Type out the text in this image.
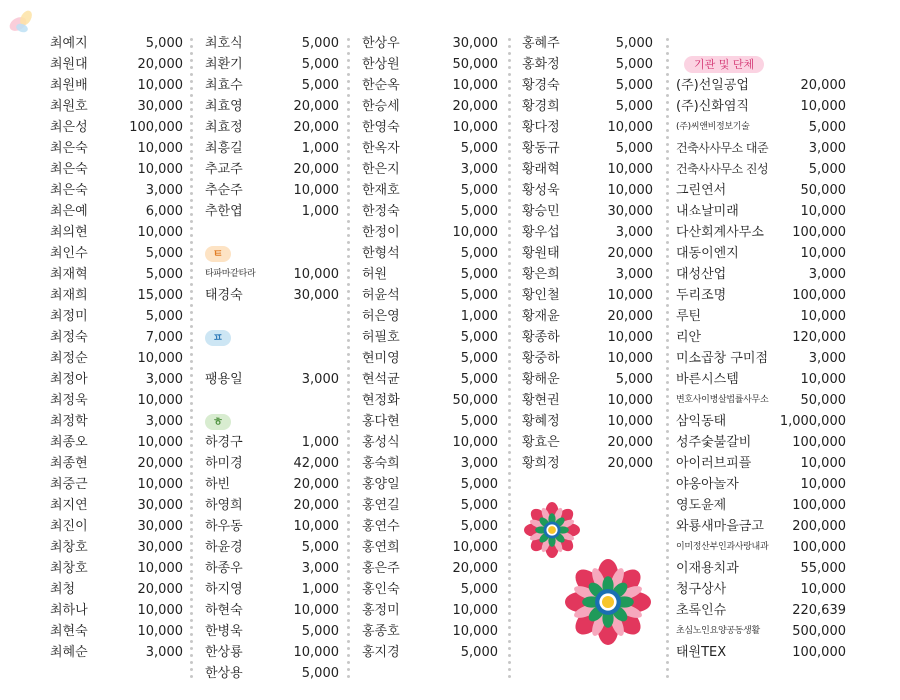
최예지	5,000
최원대	20,000
최원배	10,000
최원호	30,000
최은성	100,000
최은숙	10,000
최은숙	10,000
최은숙	3,000
최은예	6,000
최의현	10,000
최인수	5,000
최재혁	5,000
최재희	15,000
최정미	5,000
최정숙	7,000
최정순	10,000
최정아	3,000
최정욱	10,000
최정학	3,000
최종오	10,000
최종현	20,000
최중근	10,000
최지연	30,000
최진이	30,000
최창호	30,000
최창호	10,000
최청	20,000
최하나	10,000
최현숙	10,000
최혜순	3,000
최호식	5,000
최환기	5,000
최효수	5,000
최효영	20,000
최효정	20,000
최흥길	1,000
추교주	20,000
추순주	10,000
추한엽	1,000
ㅌ
타파마같타라	10,000
태경숙	30,000
ㅍ
팽용일	3,000
ㅎ
하경구	1,000
하미경	42,000
하빈	20,000
하영희	20,000
하우동	10,000
하윤경	5,000
하종우	3,000
하지영	1,000
하현숙	10,000
한병욱	5,000
한상룡	10,000
한상용	5,000
한상우	30,000
한상원	50,000
한순옥	10,000
한승세	20,000
한영숙	10,000
한옥자	5,000
한은지	3,000
한재호	5,000
한정숙	5,000
한정이	10,000
한형석	5,000
허원	5,000
허윤석	5,000
허은영	1,000
허필호	5,000
현미영	5,000
현석균	5,000
현정화	50,000
홍다현	5,000
홍성식	10,000
홍숙희	3,000
홍양일	5,000
홍연길	5,000
홍연수	5,000
홍연희	10,000
홍은주	20,000
홍인숙	5,000
홍정미	10,000
홍종호	10,000
홍지경	5,000
홍혜주	5,000
홍화정	5,000
황경숙	5,000
황경희	5,000
황다정	10,000
황동규	5,000
황래혁	10,000
황성욱	10,000
황승민	30,000
황우섭	3,000
황원태	20,000
황은희	3,000
황인철	10,000
황재윤	20,000
황종하	10,000
황중하	10,000
황해운	5,000
황현권	10,000
황혜정	10,000
황효은	20,000
황희정	20,000
기관 및 단체
(주)선일공업	20,000
(주)신화염직	10,000
(주)씨앤비정보기술	5,000
건축사사무소 대준	3,000
건축사사무소 진성	5,000
그린연서	50,000
내쇼날미래	10,000
다산회계사무소 100,000
대동이엔지	10,000
대성산업	3,000
두리조명	100,000
루틴	10,000
리안	120,000
미소곱창 구미점	3,000
바른시스템	10,000
변호사이병살법률사무소 50,000
삼익동태	1,000,000
성주숯불갈비	100,000
아이러브피플	10,000
야옹아놀자	10,000
영도윤제	100,000
와룡새마을금고 200,000
이미정산부인과사랑내과 100,000
이재용치과	55,000
청구상사	10,000
초록인슈	220,639
초심노인요양공동생활 500,000
태원TEX	100,000
